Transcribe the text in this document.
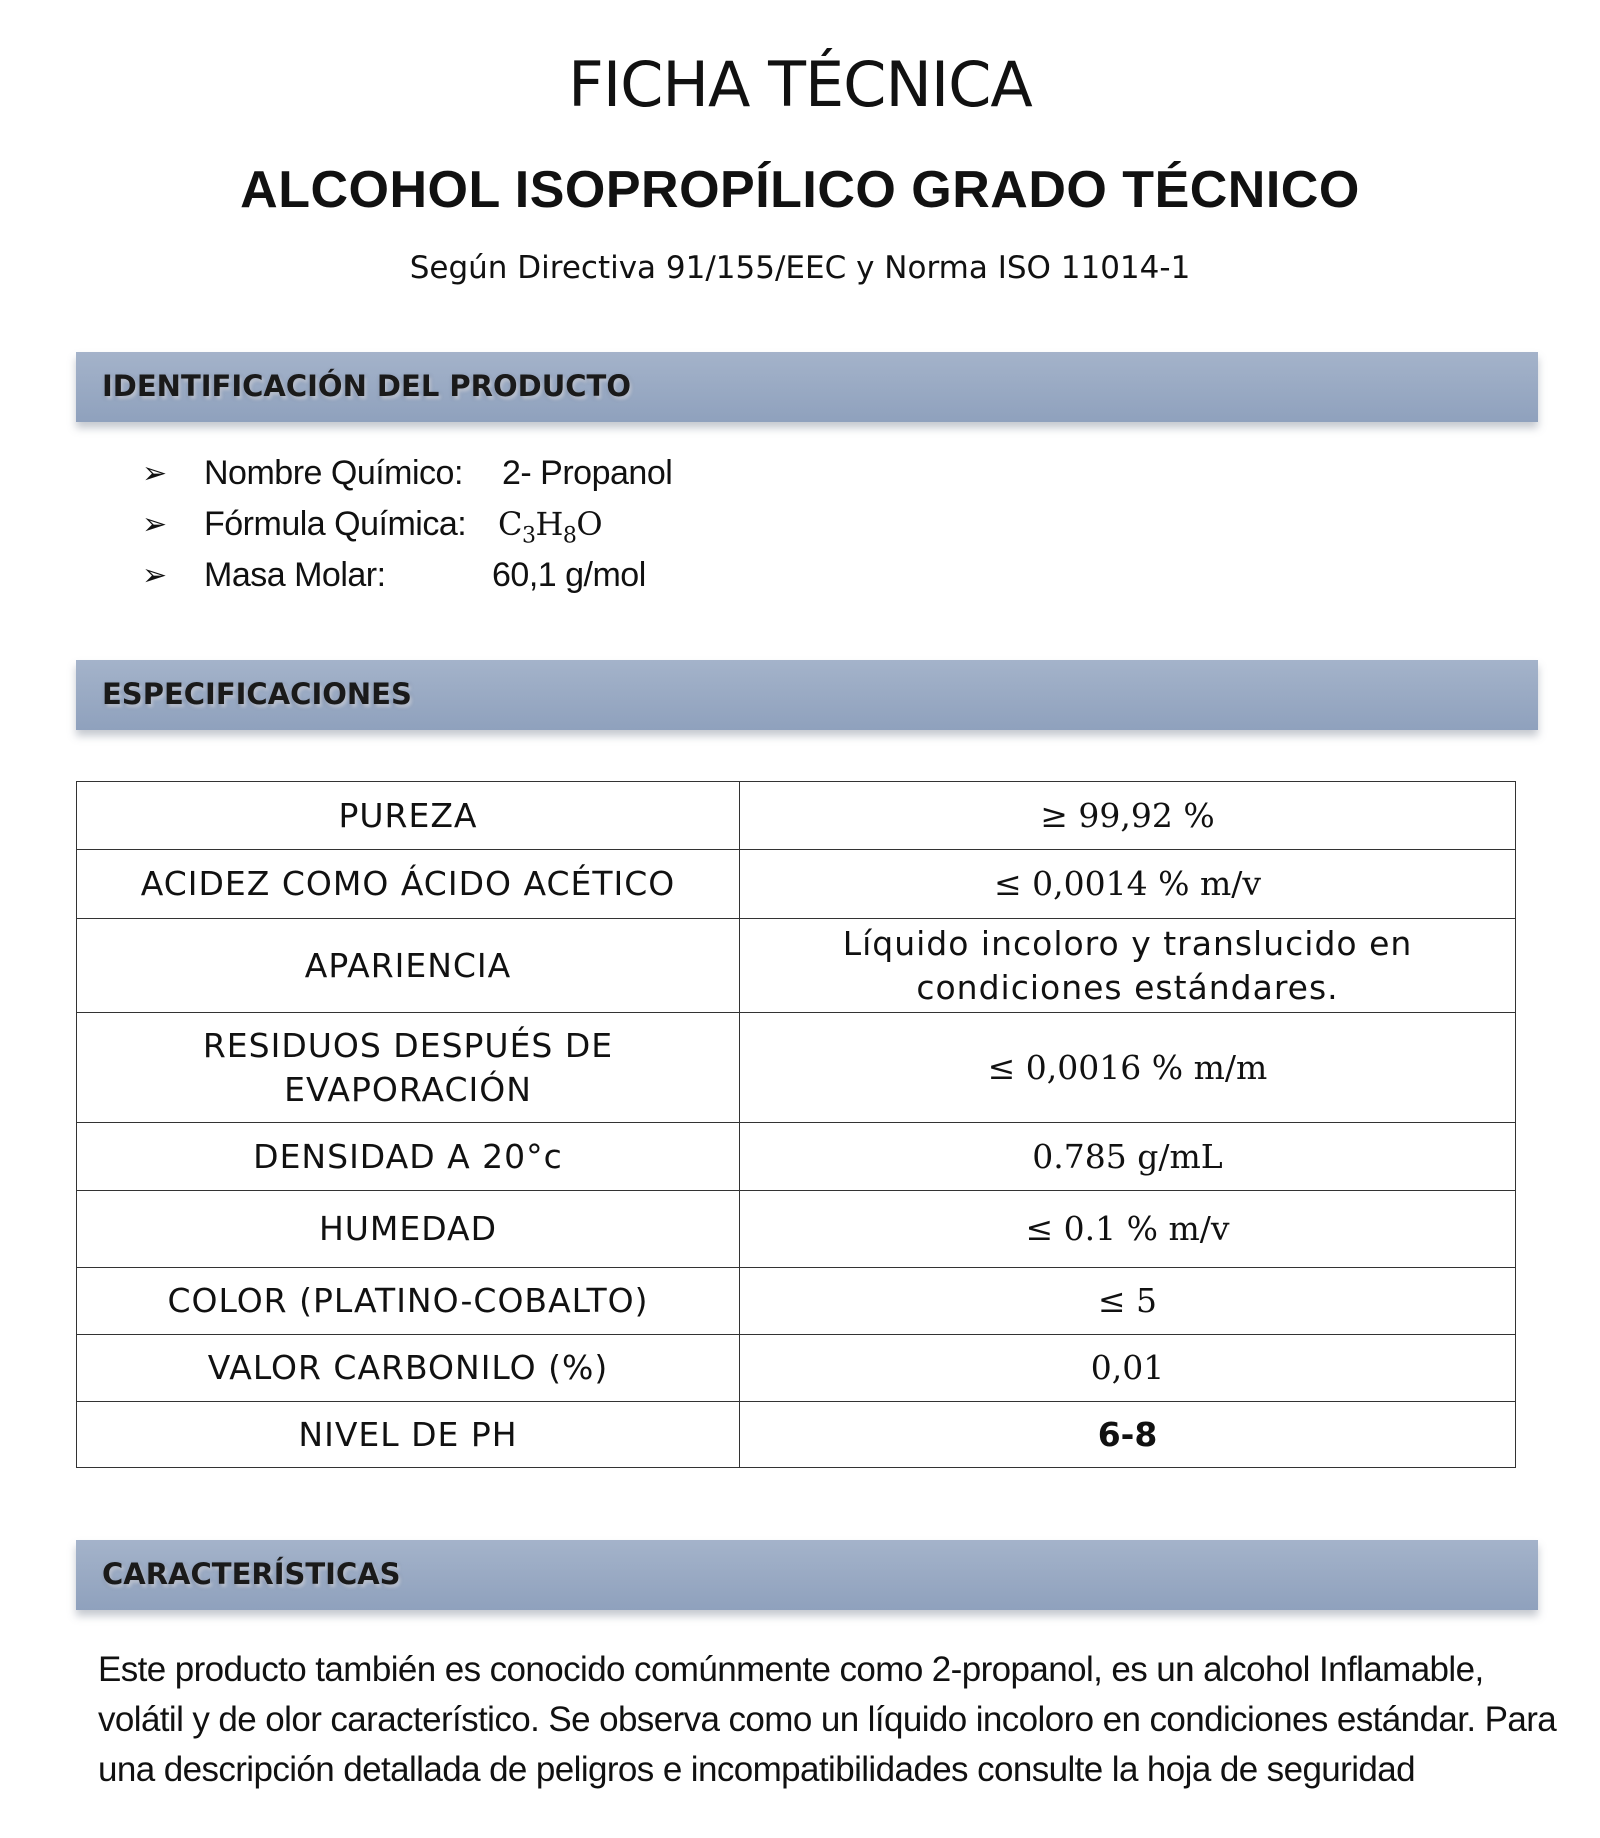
FICHA TÉCNICA
ALCOHOL ISOPROPÍLICO GRADO TÉCNICO
Según Directiva 91/155/EEC y Norma ISO 11014-1
IDENTIFICACIÓN DEL PRODUCTO
➢ Nombre Químico: 2- Propanol
➢ Fórmula Química: $C_3H_8O$
➢ Masa Molar:	60,1 g/mol
ESPECIFICACIONES
PUREZA	≥ 99,92 %
ACIDEZ COMO ÁCIDO ACÉTICO	≤ 0,0014 % m/v
APARIENCIA	Líquido incoloro y translucido en condiciones estándares.
RESIDUOS DESPUÉS DE EVAPORACIÓN	≤ 0,0016 % m/m
DENSIDAD A 20°c	0.785 g/mL
HUMEDAD	≤ 0.1 % m/v
COLOR (PLATINO-COBALTO)	≤ 5
VALOR CARBONILO (%)	0,01
NIVEL DE PH	6-8
CARACTERÍSTICAS

Este producto también es conocido comúnmente como 2-propanol, es un alcohol Inflamable, volátil y de olor característico. Se observa como un líquido incoloro en condiciones estándar. Para una descripción detallada de peligros e incompatibilidades consulte la hoja de seguridad
